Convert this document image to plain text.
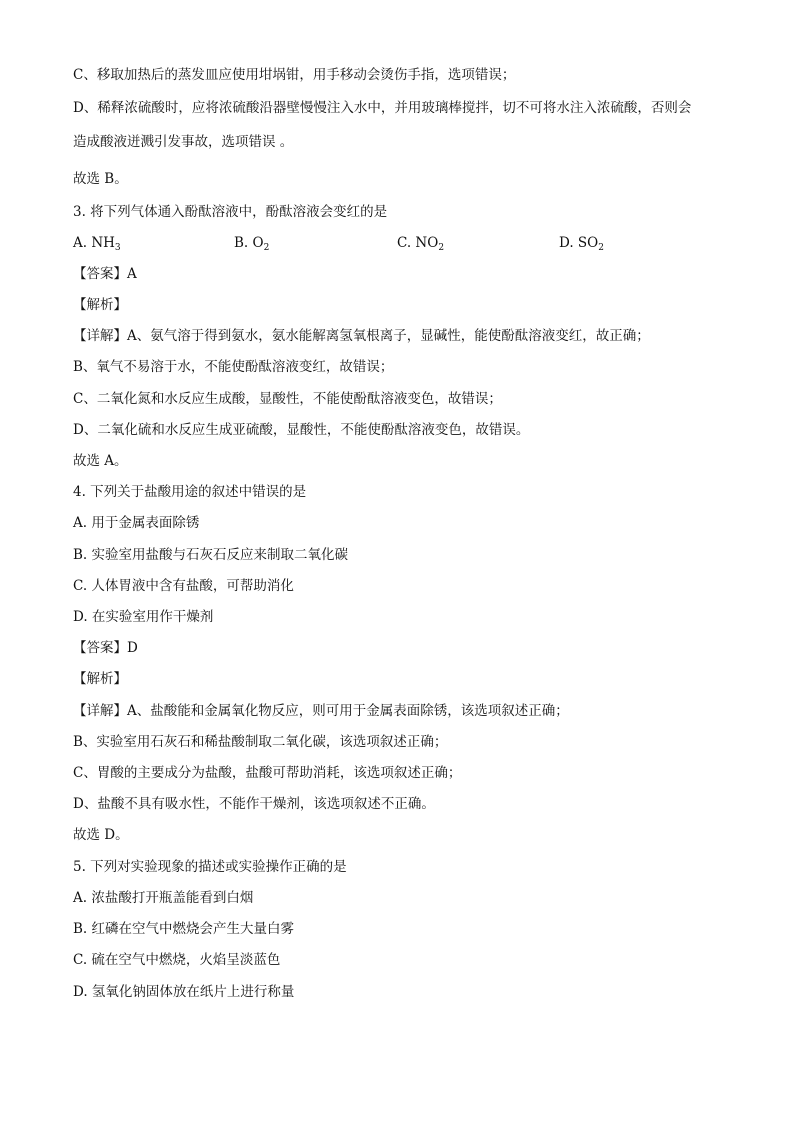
C、移取加热后的蒸发皿应使用坩埚钳，用手移动会烫伤手指，选项错误；
D、稀释浓硫酸时，应将浓硫酸沿器壁慢慢注入水中，并用玻璃棒搅拌，切不可将水注入浓硫酸，否则会
造成酸液迸溅引发事故，选项错误 。
故选 B。
3. 将下列气体通入酚酞溶液中，酚酞溶液会变红的是
A. $NH_3$	B. $O_2$	C. $NO_2$	D. $SO_2$
【答案】A
【解析】
【详解】A、氨气溶于得到氨水，氨水能解离氢氧根离子，显碱性，能使酚酞溶液变红，故正确；
B、氧气不易溶于水，不能使酚酞溶液变红，故错误；
C、二氧化氮和水反应生成酸，显酸性，不能使酚酞溶液变色，故错误；
D、二氧化硫和水反应生成亚硫酸，显酸性，不能使酚酞溶液变色，故错误。
故选 A。
4. 下列关于盐酸用途的叙述中错误的是
A. 用于金属表面除锈
B. 实验室用盐酸与石灰石反应来制取二氧化碳
C. 人体胃液中含有盐酸，可帮助消化
D. 在实验室用作干燥剂
【答案】D
【解析】
【详解】A、盐酸能和金属氧化物反应，则可用于金属表面除锈，该选项叙述正确；
B、实验室用石灰石和稀盐酸制取二氧化碳，该选项叙述正确；
C、胃酸的主要成分为盐酸，盐酸可帮助消耗，该选项叙述正确；
D、盐酸不具有吸水性，不能作干燥剂，该选项叙述不正确。
故选 D。
5. 下列对实验现象的描述或实验操作正确的是
A. 浓盐酸打开瓶盖能看到白烟
B. 红磷在空气中燃烧会产生大量白雾
C. 硫在空气中燃烧，火焰呈淡蓝色
D. 氢氧化钠固体放在纸片上进行称量
